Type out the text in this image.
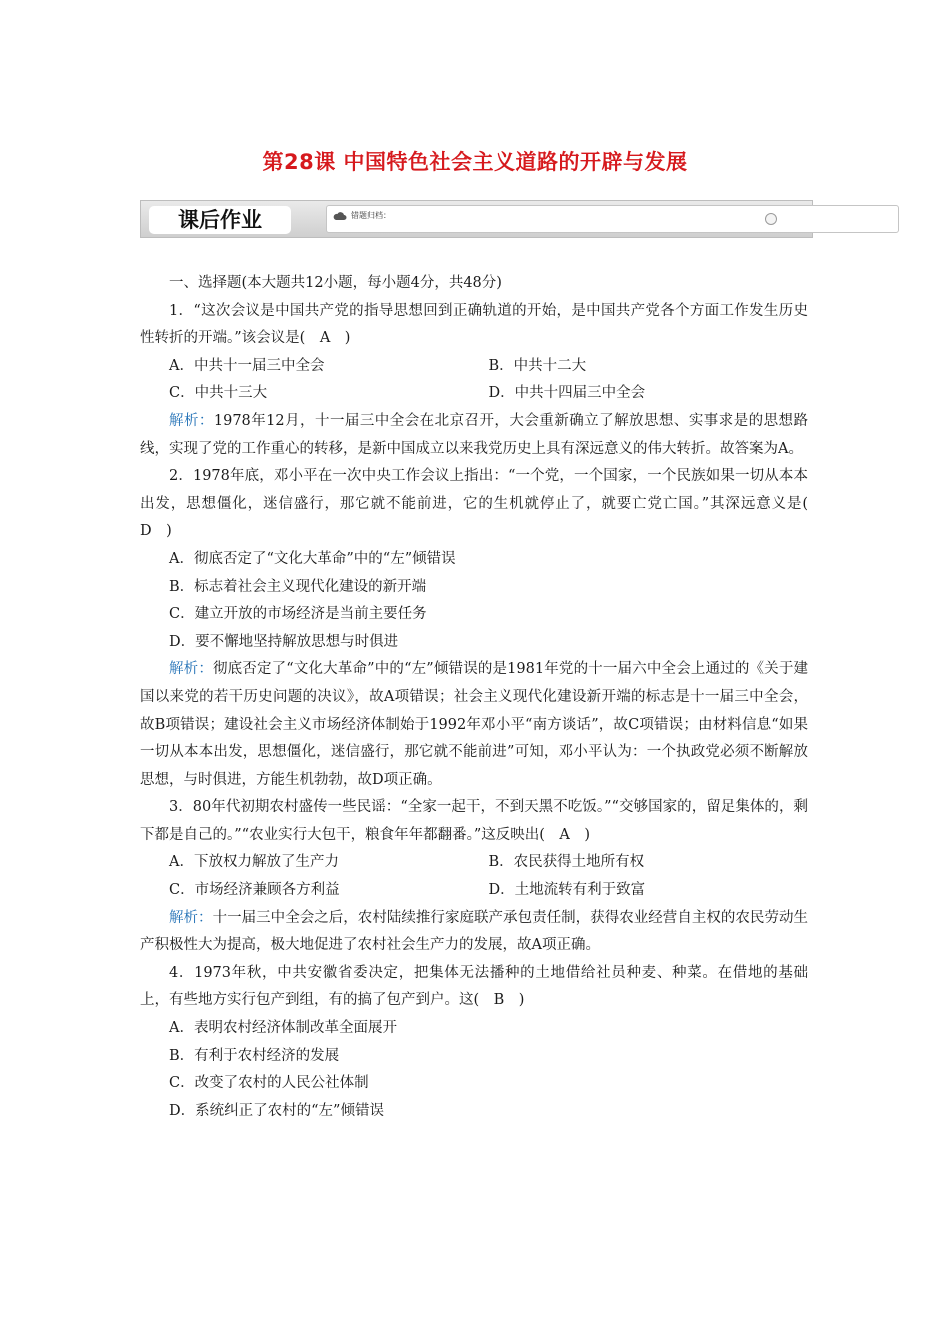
第28课 中国特色社会主义道路的开辟与发展
课后作业	错题归档：
一、选择题(本大题共12小题，每小题4分，共48分)
1．“这次会议是中国共产党的指导思想回到正确轨道的开始，是中国共产党各个方面工作发生历史性转折的开端。”该会议是(　A　)
A．中共十一届三中全会	B．中共十二大
C．中共十三大	D．中共十四届三中全会
解析：1978年12月，十一届三中全会在北京召开，大会重新确立了解放思想、实事求是的思想路线，实现了党的工作重心的转移，是新中国成立以来我党历史上具有深远意义的伟大转折。故答案为A。
2．1978年底，邓小平在一次中央工作会议上指出：“一个党，一个国家，一个民族如果一切从本本出发，思想僵化，迷信盛行，那它就不能前进，它的生机就停止了，就要亡党亡国。”其深远意义是(　D　)
A．彻底否定了“文化大革命”中的“左”倾错误
B．标志着社会主义现代化建设的新开端
C．建立开放的市场经济是当前主要任务
D．要不懈地坚持解放思想与时俱进
解析：彻底否定了“文化大革命”中的“左”倾错误的是1981年党的十一届六中全会上通过的《关于建国以来党的若干历史问题的决议》，故A项错误；社会主义现代化建设新开端的标志是十一届三中全会，故B项错误；建设社会主义市场经济体制始于1992年邓小平“南方谈话”，故C项错误；由材料信息“如果一切从本本出发，思想僵化，迷信盛行，那它就不能前进”可知，邓小平认为：一个执政党必须不断解放思想，与时俱进，方能生机勃勃，故D项正确。
3．80年代初期农村盛传一些民谣：“全家一起干，不到天黑不吃饭。”“交够国家的，留足集体的，剩下都是自己的。”“农业实行大包干，粮食年年都翻番。”这反映出(　A　)
A．下放权力解放了生产力	B．农民获得土地所有权
C．市场经济兼顾各方利益	D．土地流转有利于致富
解析：十一届三中全会之后，农村陆续推行家庭联产承包责任制，获得农业经营自主权的农民劳动生产积极性大为提高，极大地促进了农村社会生产力的发展，故A项正确。
4．1973年秋，中共安徽省委决定，把集体无法播种的土地借给社员种麦、种菜。在借地的基础上，有些地方实行包产到组，有的搞了包产到户。这(　B　)
A．表明农村经济体制改革全面展开
B．有利于农村经济的发展
C．改变了农村的人民公社体制
D．系统纠正了农村的“左”倾错误
